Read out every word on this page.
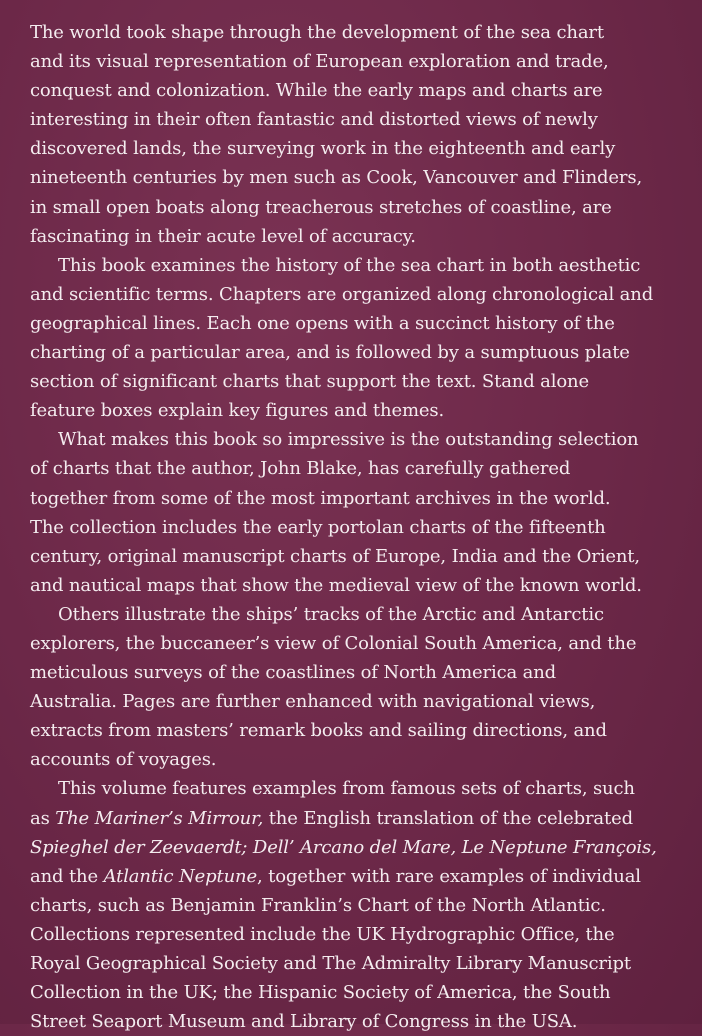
The world took shape through the development of the sea chart
and its visual representation of European exploration and trade,
conquest and colonization. While the early maps and charts are
interesting in their often fantastic and distorted views of newly
discovered lands, the surveying work in the eighteenth and early
nineteenth centuries by men such as Cook, Vancouver and Flinders,
in small open boats along treacherous stretches of coastline, are
fascinating in their acute level of accuracy.

This book examines the history of the sea chart in both aesthetic
and scientific terms. Chapters are organized along chronological and
geographical lines. Each one opens with a succinct history of the
charting of a particular area, and is followed by a sumptuous plate
section of significant charts that support the text. Stand alone
feature boxes explain key figures and themes.

What makes this book so impressive is the outstanding selection
of charts that the author, John Blake, has carefully gathered
together from some of the most important archives in the world.
The collection includes the early portolan charts of the fifteenth
century, original manuscript charts of Europe, India and the Orient,
and nautical maps that show the medieval view of the known world.

Others illustrate the ships’ tracks of the Arctic and Antarctic
explorers, the buccaneer’s view of Colonial South America, and the
meticulous surveys of the coastlines of North America and
Australia. Pages are further enhanced with navigational views,
extracts from masters’ remark books and sailing directions, and
accounts of voyages.

This volume features examples from famous sets of charts, such
as The Mariner’s Mirrour, the English translation of the celebrated
Spieghel der Zeevaerdt; Dell’ Arcano del Mare, Le Neptune François,
and the Atlantic Neptune, together with rare examples of individual
charts, such as Benjamin Franklin’s Chart of the North Atlantic.
Collections represented include the UK Hydrographic Office, the
Royal Geographical Society and The Admiralty Library Manuscript
Collection in the UK; the Hispanic Society of America, the South
Street Seaport Museum and Library of Congress in the USA.
